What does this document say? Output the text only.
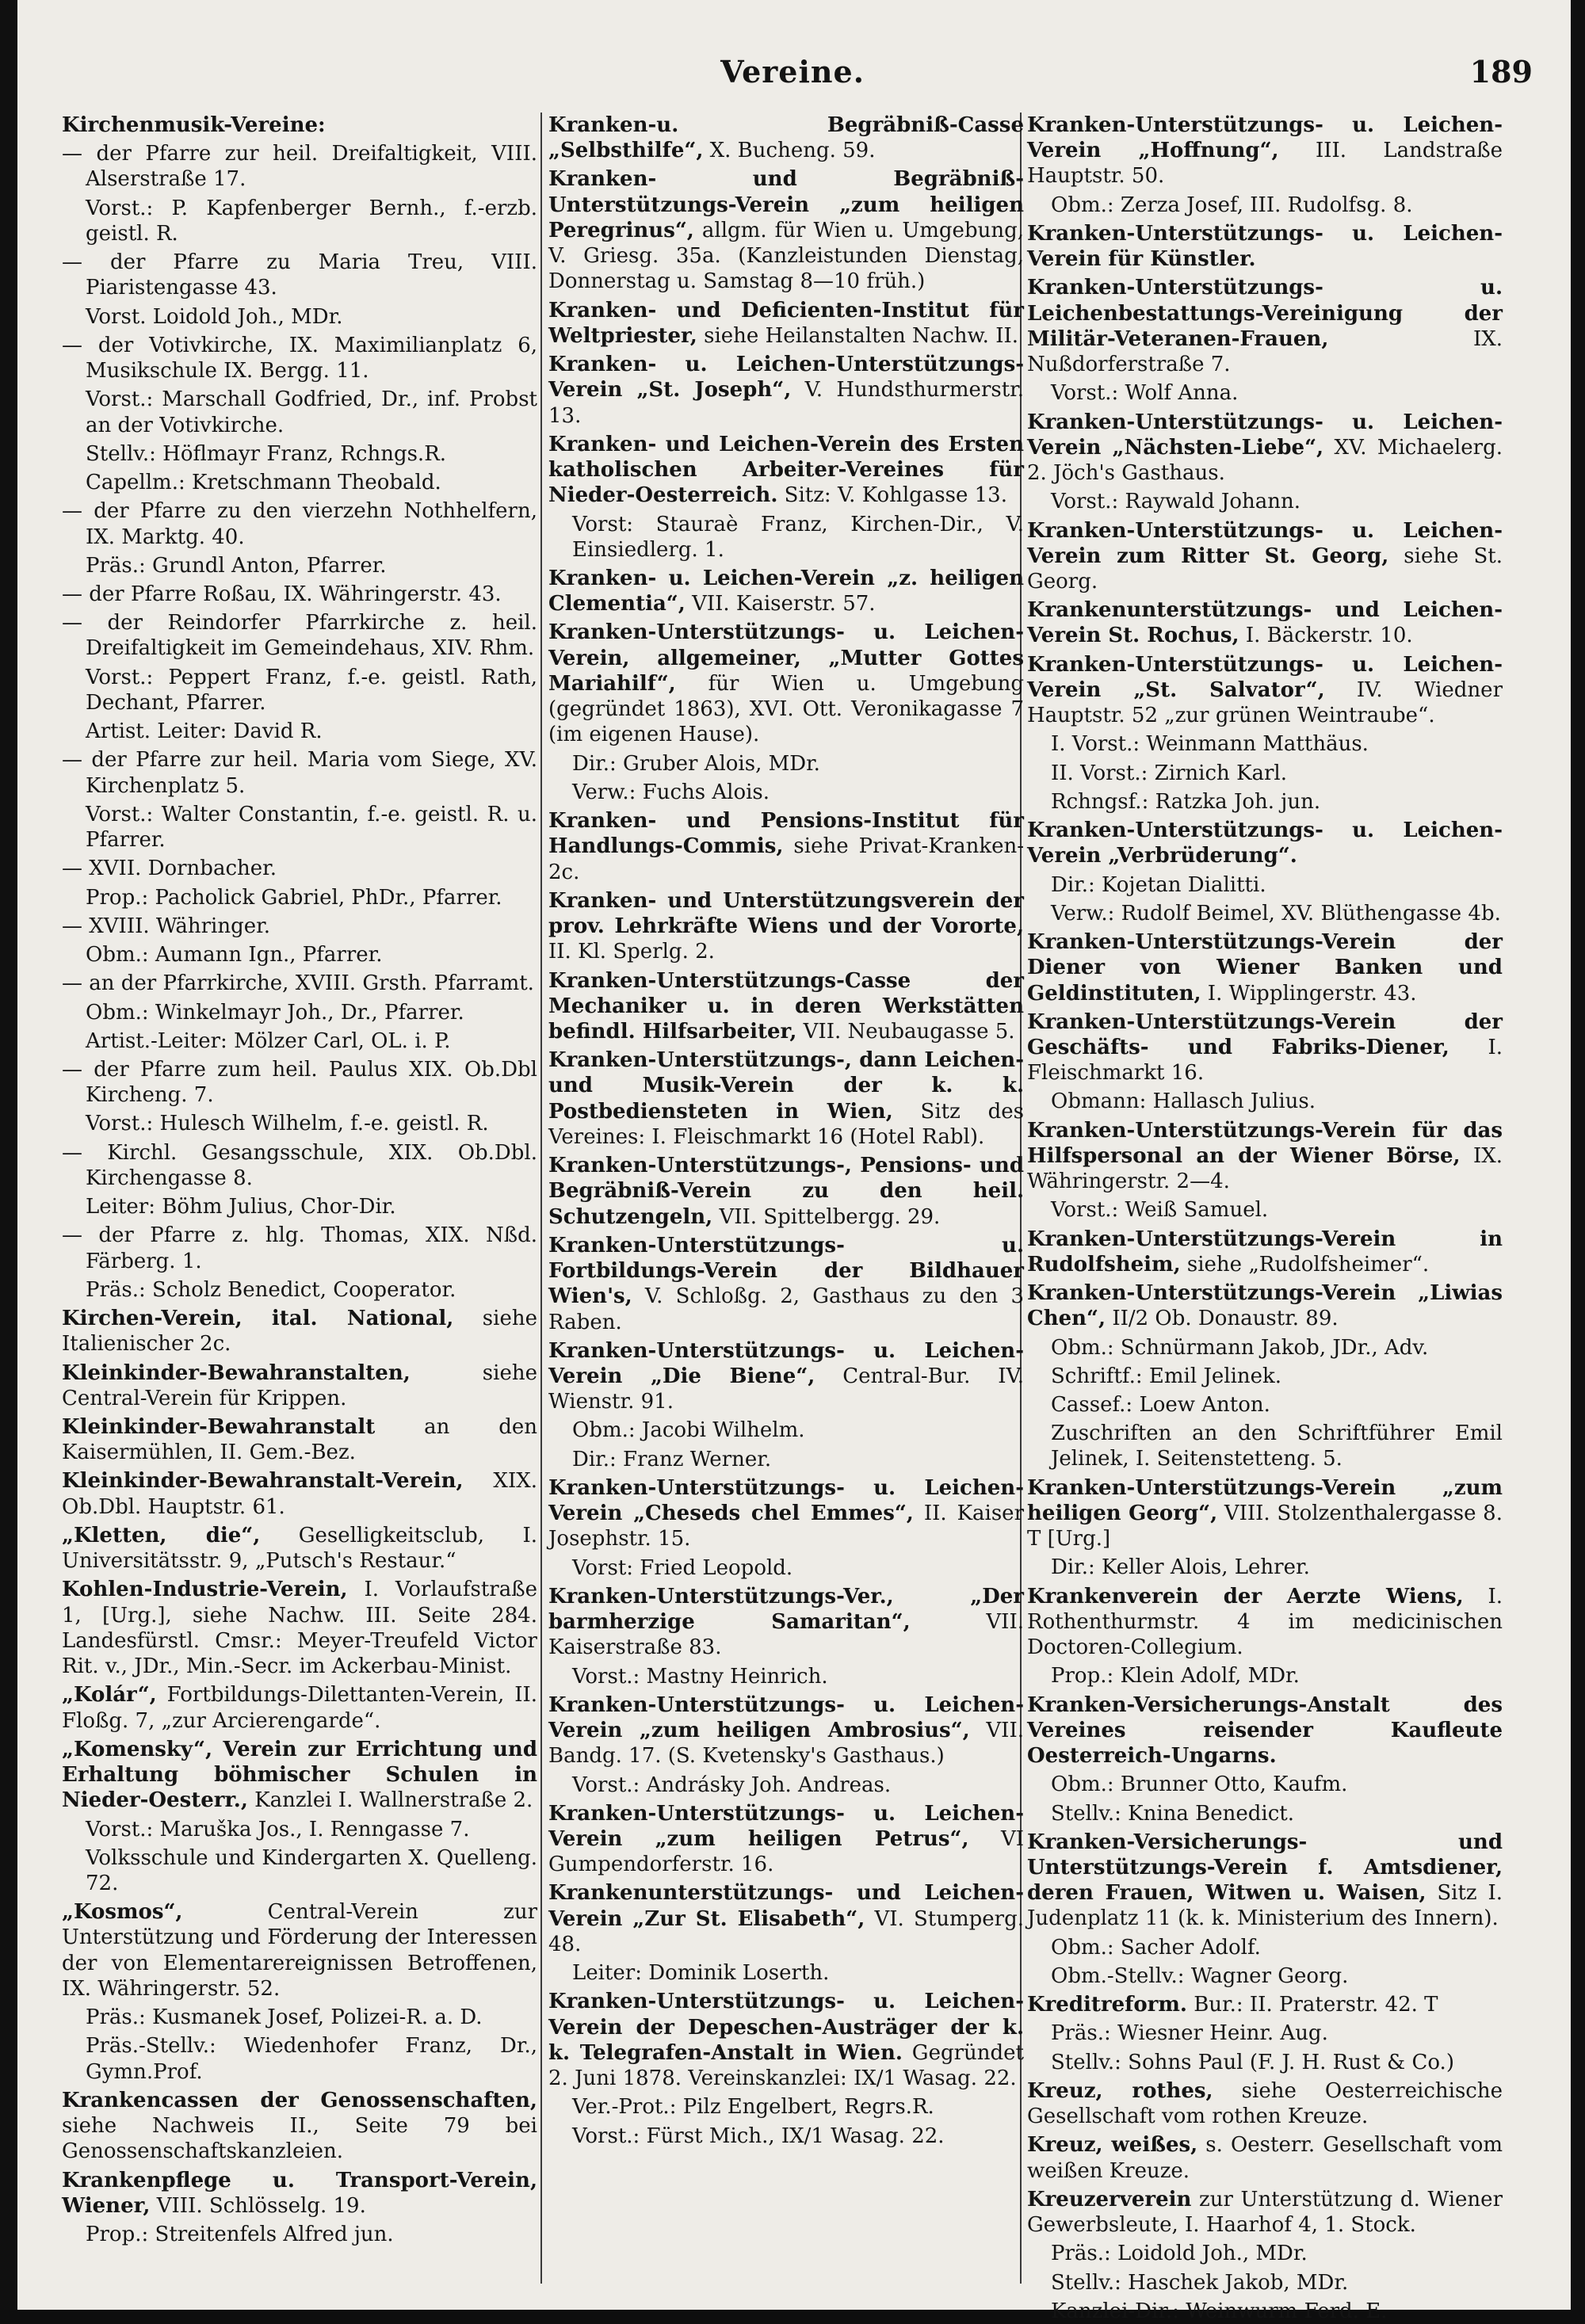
Vereine.	189

Kirchenmusik-Vereine:

— der Pfarre zur heil. Dreifaltigkeit, VIII. Alserstraße 17.

Vorst.: P. Kapfenberger Bernh., f.-erzb. geistl. R.

— der Pfarre zu Maria Treu, VIII. Piaristengasse 43.

Vorst. Loidold Joh., MDr.

— der Votivkirche, IX. Maximilianplatz 6, Musikschule IX. Bergg. 11.

Vorst.: Marschall Godfried, Dr., inf. Probst an der Votivkirche.

Stellv.: Höflmayr Franz, Rchngs.R.

Capellm.: Kretschmann Theobald.

— der Pfarre zu den vierzehn Nothhelfern, IX. Marktg. 40.

Präs.: Grundl Anton, Pfarrer.

— der Pfarre Roßau, IX. Währingerstr. 43.

— der Reindorfer Pfarrkirche z. heil. Dreifaltigkeit im Gemeindehaus, XIV. Rhm.

Vorst.: Peppert Franz, f.-e. geistl. Rath, Dechant, Pfarrer.

Artist. Leiter: David R.

— der Pfarre zur heil. Maria vom Siege, XV. Kirchenplatz 5.

Vorst.: Walter Constantin, f.-e. geistl. R. u. Pfarrer.

— XVII. Dornbacher.

Prop.: Pacholick Gabriel, PhDr., Pfarrer.

— XVIII. Währinger.

Obm.: Aumann Ign., Pfarrer.

— an der Pfarrkirche, XVIII. Grsth. Pfarramt.

Obm.: Winkelmayr Joh., Dr., Pfarrer.

Artist.-Leiter: Mölzer Carl, OL. i. P.

— der Pfarre zum heil. Paulus XIX. Ob.Dbl Kircheng. 7.

Vorst.: Hulesch Wilhelm, f.-e. geistl. R.

— Kirchl. Gesangsschule, XIX. Ob.Dbl. Kirchengasse 8.

Leiter: Böhm Julius, Chor-Dir.

— der Pfarre z. hlg. Thomas, XIX. Nßd. Färberg. 1.

Präs.: Scholz Benedict, Cooperator.

Kirchen-Verein, ital. National, siehe Italienischer 2c.

Kleinkinder-Bewahranstalten, siehe Central-Verein für Krippen.

Kleinkinder-Bewahranstalt an den Kaisermühlen, II. Gem.-Bez.

Kleinkinder-Bewahranstalt-Verein, XIX. Ob.Dbl. Hauptstr. 61.

„Kletten, die“, Geselligkeitsclub, I. Universitätsstr. 9, „Putsch's Restaur.“

Kohlen-Industrie-Verein, I. Vorlaufstraße 1, [Urg.], siehe Nachw. III. Seite 284. Landesfürstl. Cmsr.: Meyer-Treufeld Victor Rit. v., JDr., Min.-Secr. im Ackerbau-Minist.

„Kolár“, Fortbildungs-Dilettanten-Verein, II. Floßg. 7, „zur Arcierengarde“.

„Komensky“, Verein zur Errichtung und Erhaltung böhmischer Schulen in Nieder-Oesterr., Kanzlei I. Wallnerstraße 2.

Vorst.: Maruška Jos., I. Renngasse 7.

Volksschule und Kindergarten X. Quelleng. 72.

„Kosmos“, Central-Verein zur Unterstützung und Förderung der Interessen der von Elementarereignissen Betroffenen, IX. Währingerstr. 52.

Präs.: Kusmanek Josef, Polizei-R. a. D.

Präs.-Stellv.: Wiedenhofer Franz, Dr., Gymn.Prof.

Krankencassen der Genossenschaften, siehe Nachweis II., Seite 79 bei Genossenschaftskanzleien.

Krankenpflege u. Transport-Verein, Wiener, VIII. Schlösselg. 19.

Prop.: Streitenfels Alfred jun.

Kranken-u. Begräbniß-Casse „Selbsthilfe“, X. Bucheng. 59.

Kranken- und Begräbniß-Unterstützungs-Verein „zum heiligen Peregrinus“, allgm. für Wien u. Umgebung, V. Griesg. 35a. (Kanzleistunden Dienstag, Donnerstag u. Samstag 8—10 früh.)

Kranken- und Deficienten-Institut für Weltpriester, siehe Heilanstalten Nachw. II.

Kranken- u. Leichen-Unterstützungs-Verein „St. Joseph“, V. Hundsthurmerstr. 13.

Kranken- und Leichen-Verein des Ersten katholischen Arbeiter-Vereines für Nieder-Oesterreich. Sitz: V. Kohlgasse 13.

Vorst: Stauraè Franz, Kirchen-Dir., V. Einsiedlerg. 1.

Kranken- u. Leichen-Verein „z. heiligen Clementia“, VII. Kaiserstr. 57.

Kranken-Unterstützungs- u. Leichen-Verein, allgemeiner, „Mutter Gottes Mariahilf“, für Wien u. Umgebung (gegründet 1863), XVI. Ott. Veronikagasse 7 (im eigenen Hause).

Dir.: Gruber Alois, MDr.

Verw.: Fuchs Alois.

Kranken- und Pensions-Institut für Handlungs-Commis, siehe Privat-Kranken- 2c.

Kranken- und Unterstützungsverein der prov. Lehrkräfte Wiens und der Vororte, II. Kl. Sperlg. 2.

Kranken-Unterstützungs-Casse der Mechaniker u. in deren Werkstätten befindl. Hilfsarbeiter, VII. Neubaugasse 5.

Kranken-Unterstützungs-, dann Leichen- und Musik-Verein der k. k. Postbediensteten in Wien, Sitz des Vereines: I. Fleischmarkt 16 (Hotel Rabl).

Kranken-Unterstützungs-, Pensions- und Begräbniß-Verein zu den heil. Schutzengeln, VII. Spittelbergg. 29.

Kranken-Unterstützungs- u. Fortbildungs-Verein der Bildhauer Wien's, V. Schloßg. 2, Gasthaus zu den 3 Raben.

Kranken-Unterstützungs- u. Leichen-Verein „Die Biene“, Central-Bur. IV. Wienstr. 91.

Obm.: Jacobi Wilhelm.

Dir.: Franz Werner.

Kranken-Unterstützungs- u. Leichen-Verein „Cheseds chel Emmes“, II. Kaiser Josephstr. 15.

Vorst: Fried Leopold.

Kranken-Unterstützungs-Ver., „Der barmherzige Samaritan“, VII. Kaiserstraße 83.

Vorst.: Mastny Heinrich.

Kranken-Unterstützungs- u. Leichen-Verein „zum heiligen Ambrosius“, VII. Bandg. 17. (S. Kvetensky's Gasthaus.)

Vorst.: Andrásky Joh. Andreas.

Kranken-Unterstützungs- u. Leichen-Verein „zum heiligen Petrus“, VI Gumpendorferstr. 16.

Krankenunterstützungs- und Leichen-Verein „Zur St. Elisabeth“, VI. Stumperg. 48.

Leiter: Dominik Loserth.

Kranken-Unterstützungs- u. Leichen-Verein der Depeschen-Austräger der k. k. Telegrafen-Anstalt in Wien. Gegründet 2. Juni 1878. Vereinskanzlei: IX/1 Wasag. 22.

Ver.-Prot.: Pilz Engelbert, Regrs.R.

Vorst.: Fürst Mich., IX/1 Wasag. 22.

Kranken-Unterstützungs- u. Leichen-Verein „Hoffnung“, III. Landstraße Hauptstr. 50.

Obm.: Zerza Josef, III. Rudolfsg. 8.

Kranken-Unterstützungs- u. Leichen-Verein für Künstler.

Kranken-Unterstützungs- u. Leichenbestattungs-Vereinigung der Militär-Veteranen-Frauen, IX. Nußdorferstraße 7.

Vorst.: Wolf Anna.

Kranken-Unterstützungs- u. Leichen-Verein „Nächsten-Liebe“, XV. Michaelerg. 2. Jöch's Gasthaus.

Vorst.: Raywald Johann.

Kranken-Unterstützungs- u. Leichen-Verein zum Ritter St. Georg, siehe St. Georg.

Krankenunterstützungs- und Leichen-Verein St. Rochus, I. Bäckerstr. 10.

Kranken-Unterstützungs- u. Leichen-Verein „St. Salvator“, IV. Wiedner Hauptstr. 52 „zur grünen Weintraube“.

I. Vorst.: Weinmann Matthäus.

II. Vorst.: Zirnich Karl.

Rchngsf.: Ratzka Joh. jun.

Kranken-Unterstützungs- u. Leichen-Verein „Verbrüderung“.

Dir.: Kojetan Dialitti.

Verw.: Rudolf Beimel, XV. Blüthengasse 4b.

Kranken-Unterstützungs-Verein der Diener von Wiener Banken und Geldinstituten, I. Wipplingerstr. 43.

Kranken-Unterstützungs-Verein der Geschäfts- und Fabriks-Diener, I. Fleischmarkt 16.

Obmann: Hallasch Julius.

Kranken-Unterstützungs-Verein für das Hilfspersonal an der Wiener Börse, IX. Währingerstr. 2—4.

Vorst.: Weiß Samuel.

Kranken-Unterstützungs-Verein in Rudolfsheim, siehe „Rudolfsheimer“.

Kranken-Unterstützungs-Verein „Liwias Chen“, II/2 Ob. Donaustr. 89.

Obm.: Schnürmann Jakob, JDr., Adv.

Schriftf.: Emil Jelinek.

Cassef.: Loew Anton.

Zuschriften an den Schriftführer Emil Jelinek, I. Seitenstetteng. 5.

Kranken-Unterstützungs-Verein „zum heiligen Georg“, VIII. Stolzenthalergasse 8. T [Urg.]

Dir.: Keller Alois, Lehrer.

Krankenverein der Aerzte Wiens, I. Rothenthurmstr. 4 im medicinischen Doctoren-Collegium.

Prop.: Klein Adolf, MDr.

Kranken-Versicherungs-Anstalt des Vereines reisender Kaufleute Oesterreich-Ungarns.

Obm.: Brunner Otto, Kaufm.

Stellv.: Knina Benedict.

Kranken-Versicherungs- und Unterstützungs-Verein f. Amtsdiener, deren Frauen, Witwen u. Waisen, Sitz I. Judenplatz 11 (k. k. Ministerium des Innern).

Obm.: Sacher Adolf.

Obm.-Stellv.: Wagner Georg.

Kreditreform. Bur.: II. Praterstr. 42. T

Präs.: Wiesner Heinr. Aug.

Stellv.: Sohns Paul (F. J. H. Rust & Co.)

Kreuz, rothes, siehe Oesterreichische Gesellschaft vom rothen Kreuze.

Kreuz, weißes, s. Oesterr. Gesellschaft vom weißen Kreuze.

Kreuzerverein zur Unterstützung d. Wiener Gewerbsleute, I. Haarhof 4, 1. Stock.

Präs.: Loidold Joh., MDr.

Stellv.: Haschek Jakob, MDr.

Kanzlei-Dir.: Weinwurm Ferd. E.
